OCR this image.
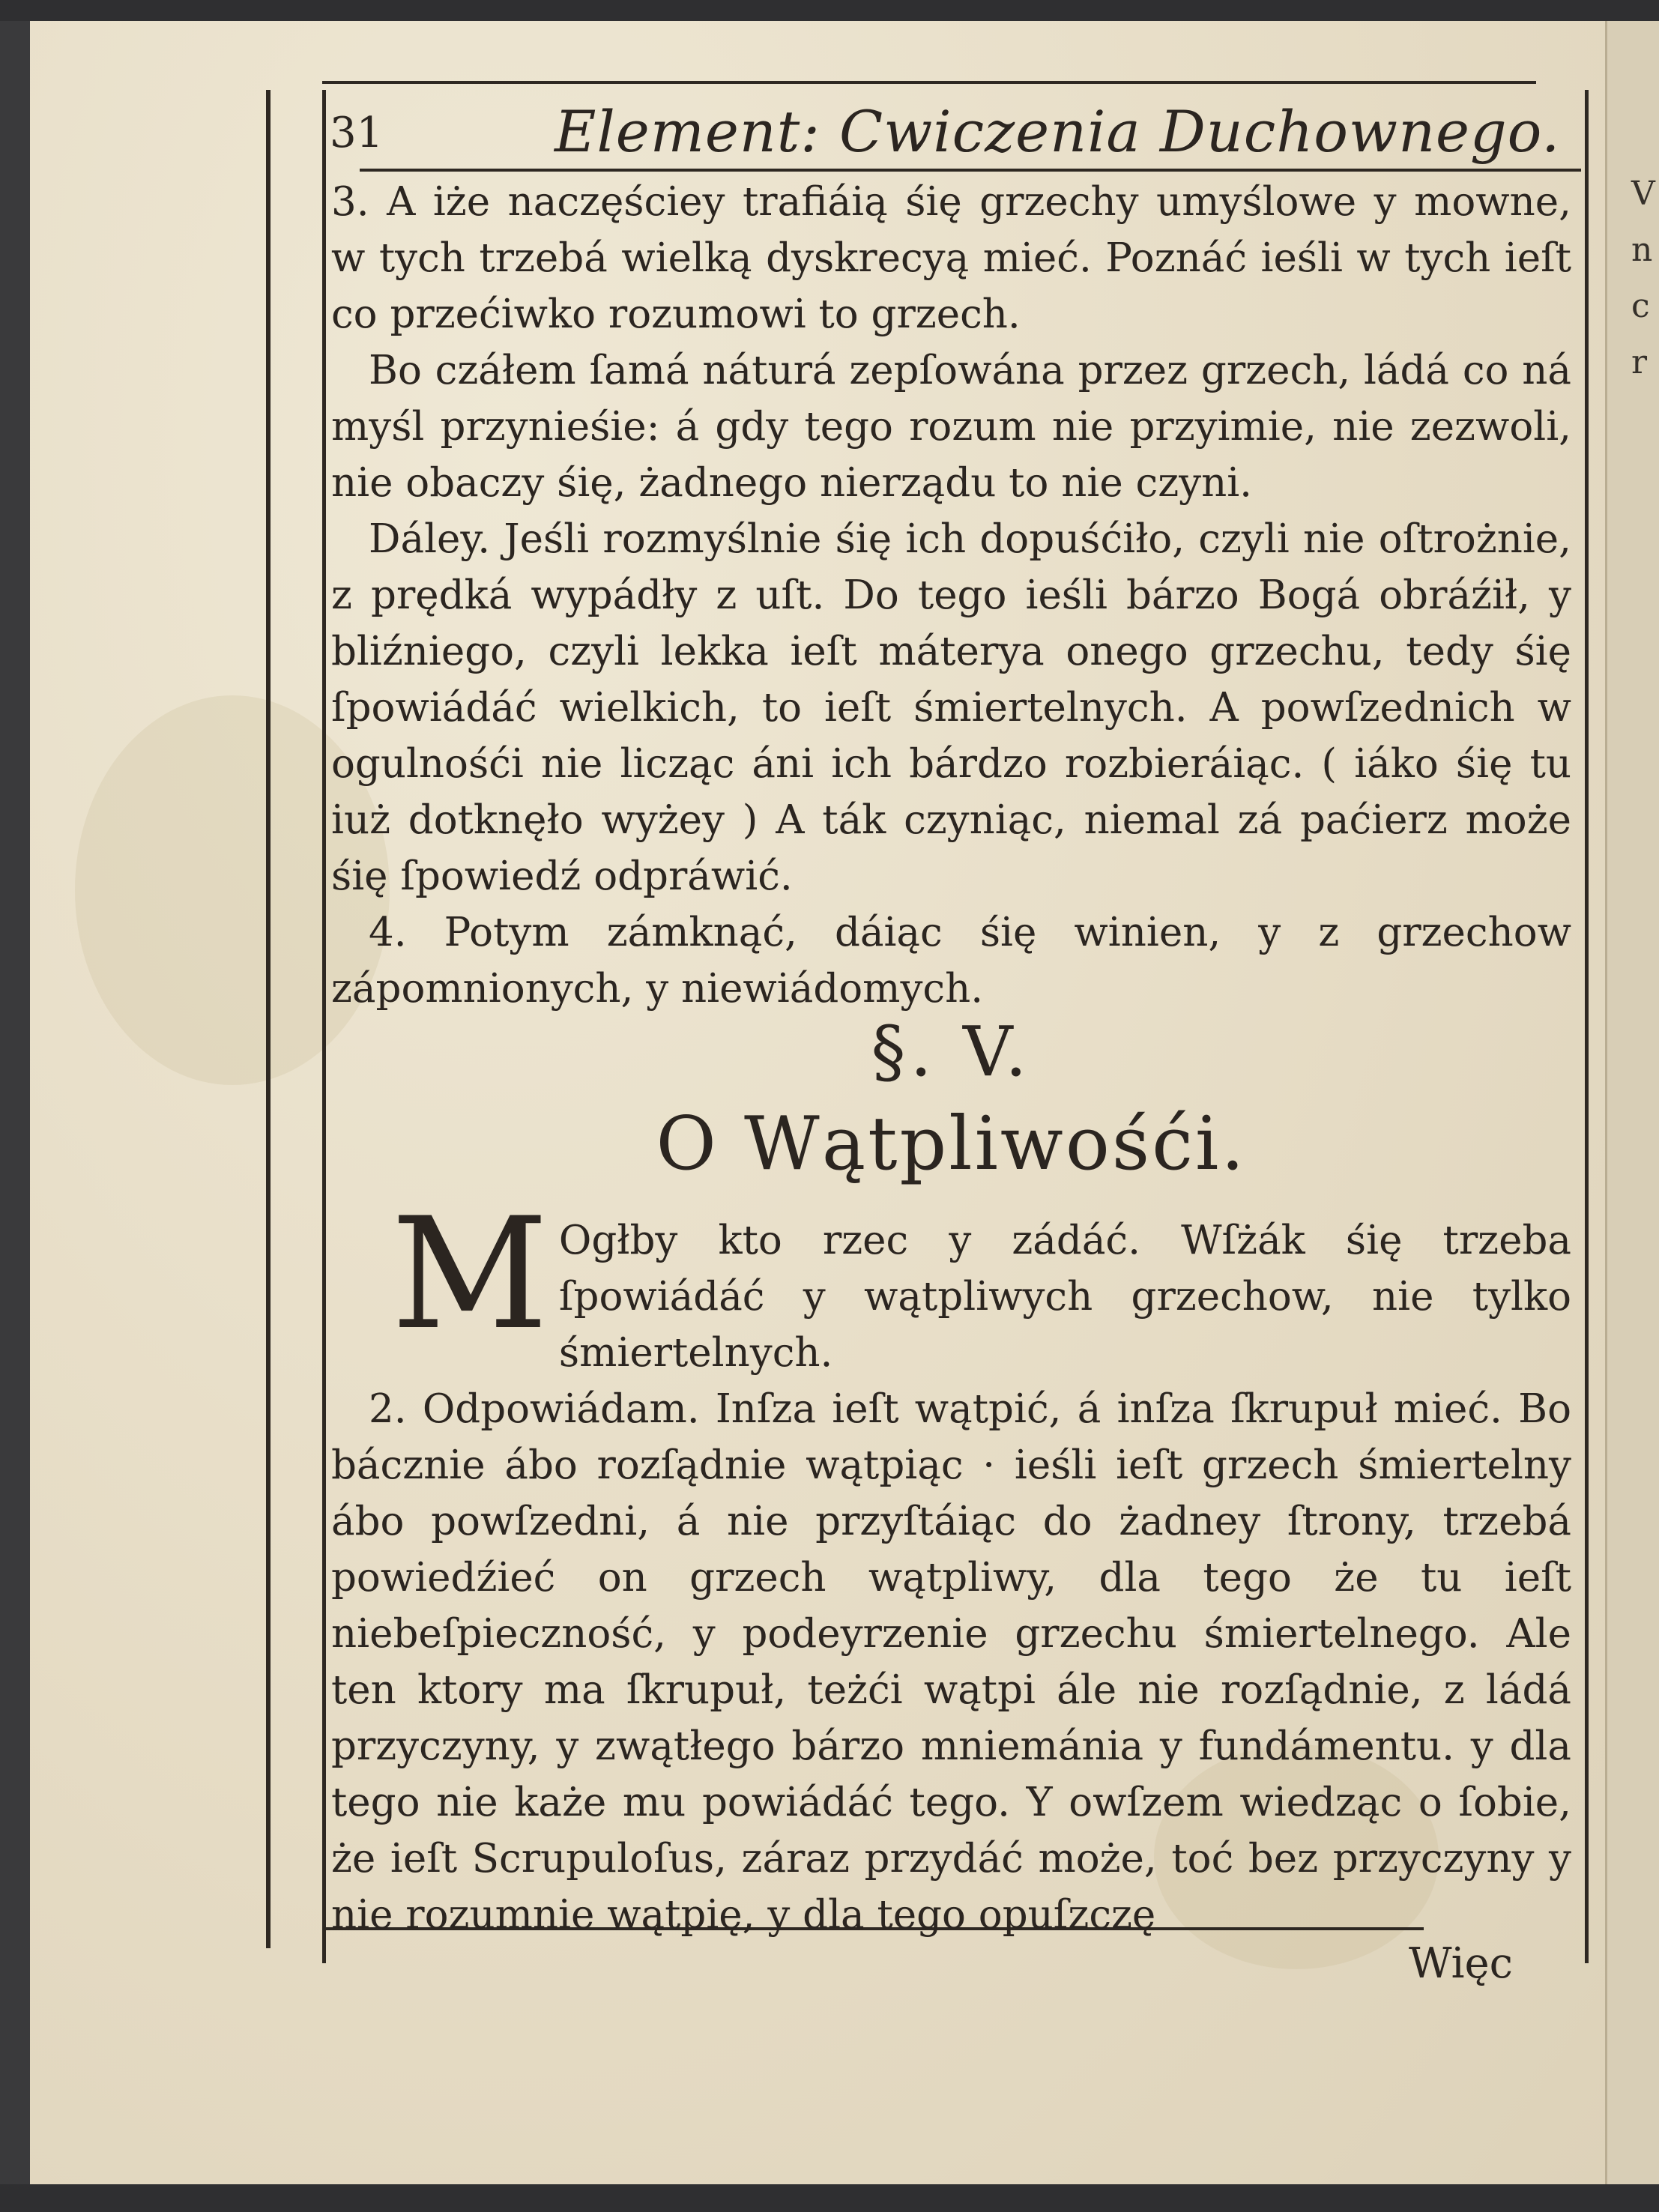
V
n
c
r
31	Element: Cwiczenia Duchownego.

3. A iże naczęściey trafiáią śię grzechy umyślowe y mowne, w tych trzebá wielką dyskrecyą mieć. Poznáć ieśli w tych ieſt co przećiwko rozumowi to grzech.

Bo czáłem ſamá náturá zepſowána przez grzech, ládá co ná myśl przynieśie: á gdy tego rozum nie przyimie, nie zezwoli, nie obaczy śię, żadnego nierządu to nie czyni.

Dáley. Jeśli rozmyślnie śię ich dopuśćiło, czyli nie oſtrożnie, z prędká wypádły z uſt. Do tego ieśli bárzo Bogá obráźił, y bliźniego, czyli lekka ieſt máterya onego grzechu, tedy śię ſpowiádáć wielkich, to ieſt śmiertelnych. A powſzednich w ogulnośći nie licząc áni ich bárdzo rozbieráiąc. ( iáko śię tu iuż dotknęło wyżey ) A ták czyniąc, niemal zá paćierz może śię ſpowiedź odpráwić.

4. Potym zámknąć, dáiąc śię winien, y z grzechow zápomnionych, y niewiádomych.

§. V.
O Wątpliwośći.

M Ogłby kto rzec y zádáć. Wſżák śię trzeba ſpowiádáć y wątpliwych grzechow, nie tylko śmiertelnych.

2. Odpowiádam. Inſza ieſt wątpić, á inſza ſkrupuł mieć. Bo bácznie ábo rozſądnie wątpiąc · ieśli ieſt grzech śmiertelny ábo powſzedni, á nie przyſtáiąc do żadney ſtrony, trzebá powiedźieć on grzech wątpliwy, dla tego że tu ieſt niebeſpieczność, y podeyrzenie grzechu śmiertelnego. Ale ten ktory ma ſkrupuł, teżći wątpi ále nie rozſądnie, z ládá przyczyny, y zwątłego bárzo mniemánia y fundámentu. y dla tego nie każe mu powiádáć tego. Y owſzem wiedząc o ſobie, że ieſt Scrupuloſus, záraz przydáć może, toć bez przyczyny y nie rozumnie wątpię, y dla tego opuſzczę

Więc
